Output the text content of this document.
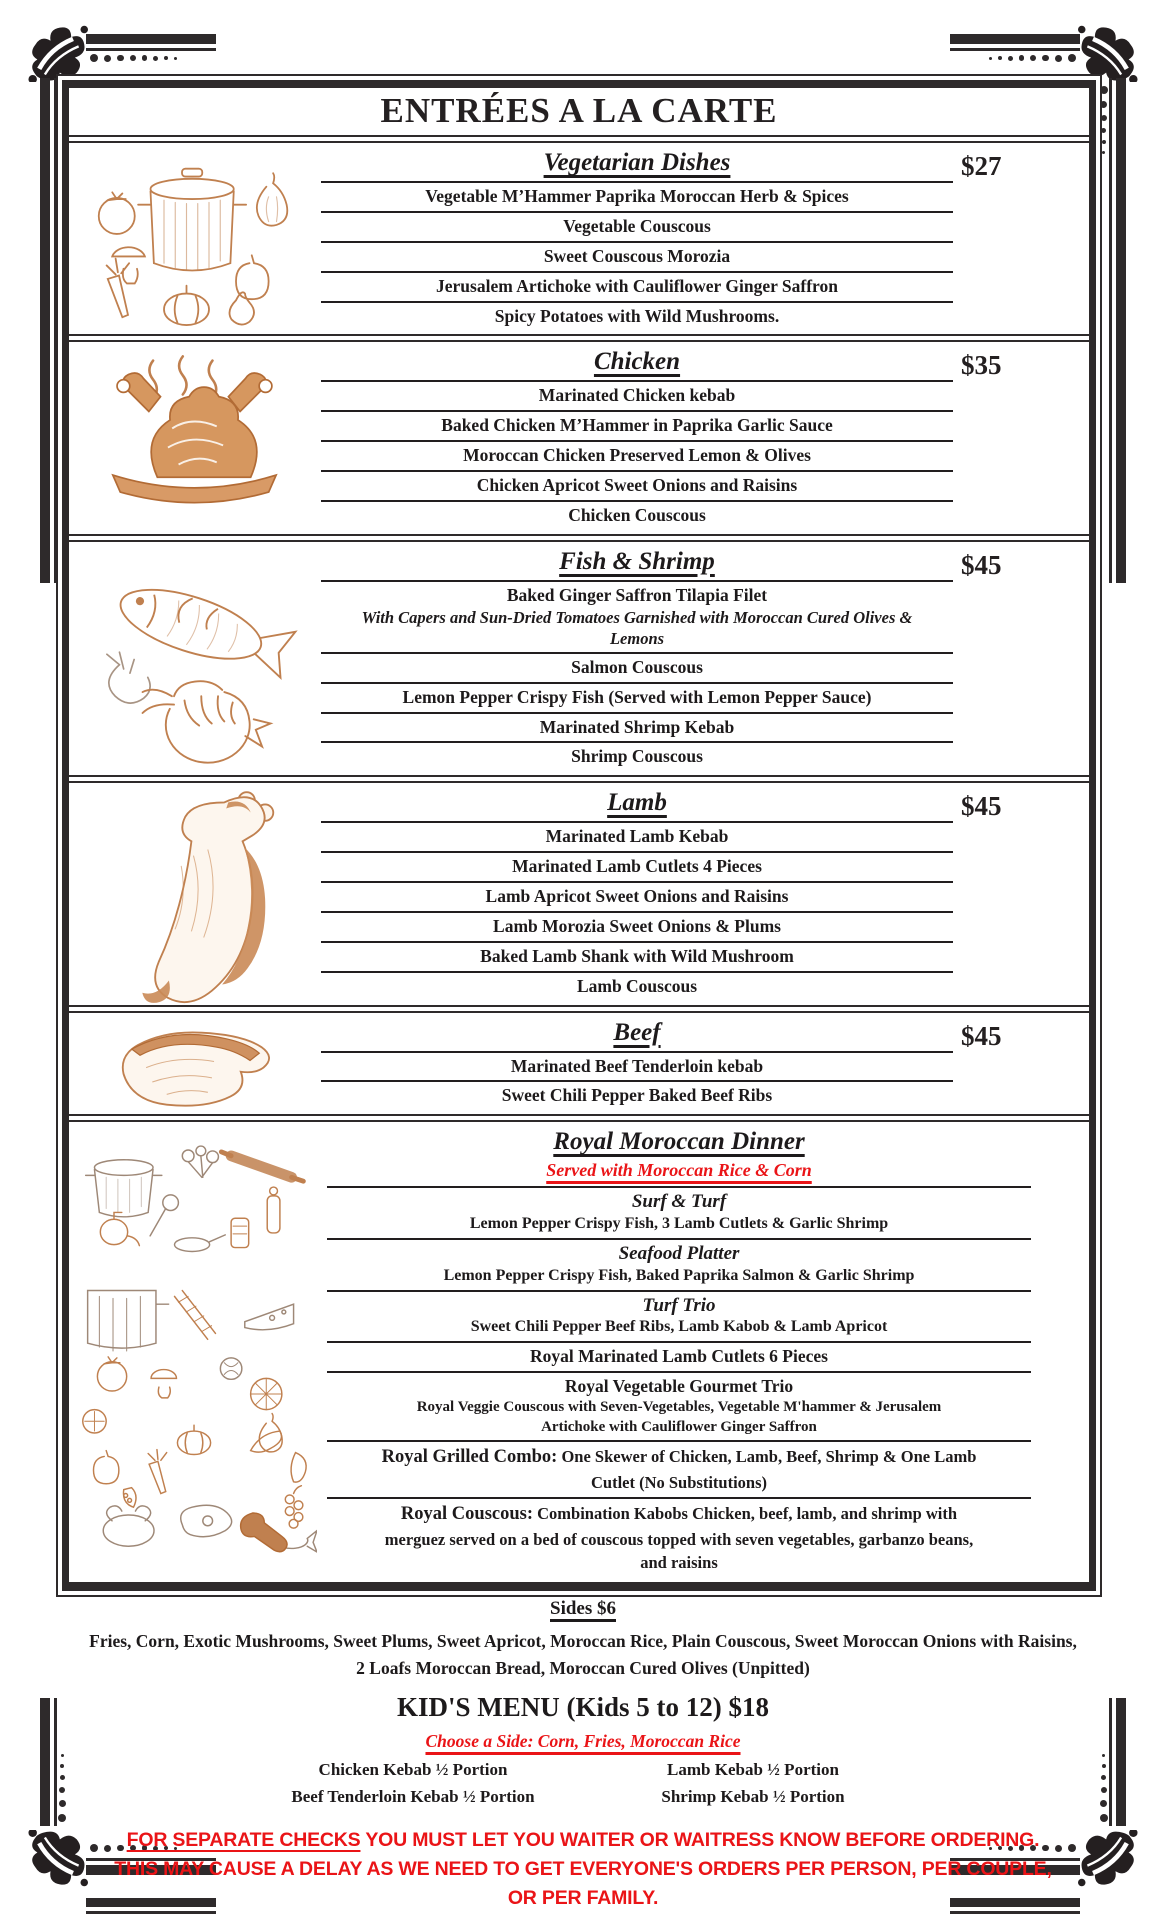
ENTRÉES A LA CARTE
Vegetarian Dishes
Vegetable M’Hammer Paprika Moroccan Herb & Spices
Vegetable Couscous
Sweet Couscous Morozia
Jerusalem Artichoke with Cauliflower Ginger Saffron
Spicy Potatoes with Wild Mushrooms.
$27
Chicken
Marinated Chicken kebab
Baked Chicken M’Hammer in Paprika Garlic Sauce
Moroccan Chicken Preserved Lemon & Olives
Chicken Apricot Sweet Onions and Raisins
Chicken Couscous
$35
Fish & Shrimp
Baked Ginger Saffron Tilapia Filet
With Capers and Sun-Dried Tomatoes Garnished with Moroccan Cured Olives & Lemons
Salmon Couscous
Lemon Pepper Crispy Fish (Served with Lemon Pepper Sauce)
Marinated Shrimp Kebab
Shrimp Couscous
$45
Lamb
Marinated Lamb Kebab
Marinated Lamb Cutlets 4 Pieces
Lamb Apricot Sweet Onions and Raisins
Lamb Morozia Sweet Onions & Plums
Baked Lamb Shank with Wild Mushroom
Lamb Couscous
$45
Beef
Marinated Beef Tenderloin kebab
Sweet Chili Pepper Baked Beef Ribs
$45
Royal Moroccan Dinner
Served with Moroccan Rice & Corn
Surf & Turf
Lemon Pepper Crispy Fish, 3 Lamb Cutlets & Garlic Shrimp
Seafood Platter
Lemon Pepper Crispy Fish, Baked Paprika Salmon & Garlic Shrimp
Turf Trio
Sweet Chili Pepper Beef Ribs, Lamb Kabob & Lamb Apricot
Royal Marinated Lamb Cutlets 6 Pieces
Royal Vegetable Gourmet Trio
Royal Veggie Couscous with Seven-Vegetables, Vegetable M'hammer & Jerusalem Artichoke with Cauliflower Ginger Saffron
Royal Grilled Combo: One Skewer of Chicken, Lamb, Beef, Shrimp & One Lamb Cutlet (No Substitutions)
Royal Couscous: Combination Kabobs Chicken, beef, lamb, and shrimp with merguez served on a bed of couscous topped with seven vegetables, garbanzo beans, and raisins
Sides $6

Fries, Corn, Exotic Mushrooms, Sweet Plums, Sweet Apricot, Moroccan Rice, Plain Couscous, Sweet Moroccan Onions with Raisins, 2 Loafs Moroccan Bread, Moroccan Cured Olives (Unpitted)

KID'S MENU (Kids 5 to 12) $18
Choose a Side: Corn, Fries, Moroccan Rice
Chicken Kebab ½ Portion	Lamb Kebab ½ Portion
Beef Tenderloin Kebab ½ Portion	Shrimp Kebab ½ Portion

FOR SEPARATE CHECKS YOU MUST LET YOU WAITER OR WAITRESS KNOW BEFORE ORDERING. THIS MAY CAUSE A DELAY AS WE NEED TO GET EVERYONE'S ORDERS PER PERSON, PER COUPLE, OR PER FAMILY.
